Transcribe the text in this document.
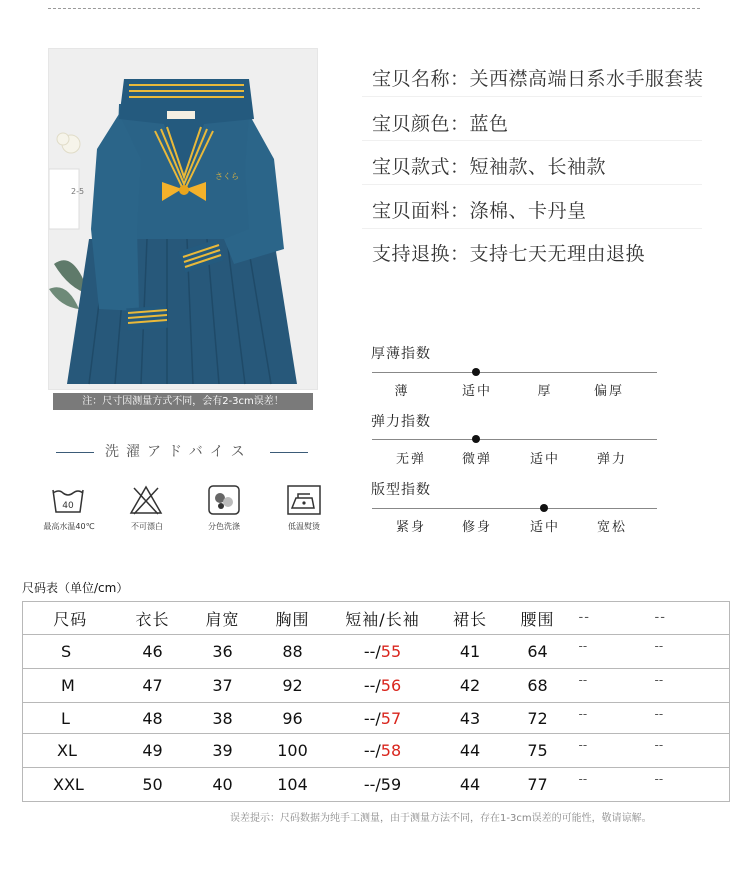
2-5
さくら
注：尺寸因测量方式不同，会有2-3cm误差！
宝贝名称：关西襟高端日系水手服套装
宝贝颜色：蓝色
宝贝款式：短袖款、长袖款
宝贝面料：涤棉、卡丹皇
支持退换：支持七天无理由退换
洗濯アドバイス
40
最高水温40℃	不可漂白	分色洗涤	低温熨烫
厚薄指数
薄	适中	厚	偏厚
弹力指数
无弹	微弹	适中	弹力
版型指数
紧身	修身	适中	宽松
尺码表（单位/cm）
尺码	衣长	肩宽	胸围	短袖/长袖	裙长	腰围	--	--
S	46	36	88	--/55	41	64	--	--
M	47	37	92	--/56	42	68	--	--
L	48	38	96	--/57	43	72	--	--
XL	49	39	100	--/58	44	75	--	--
XXL	50	40	104	--/59	44	77	--	--
误差提示：尺码数据为纯手工测量，由于测量方法不同，存在1-3cm误差的可能性，敬请谅解。
